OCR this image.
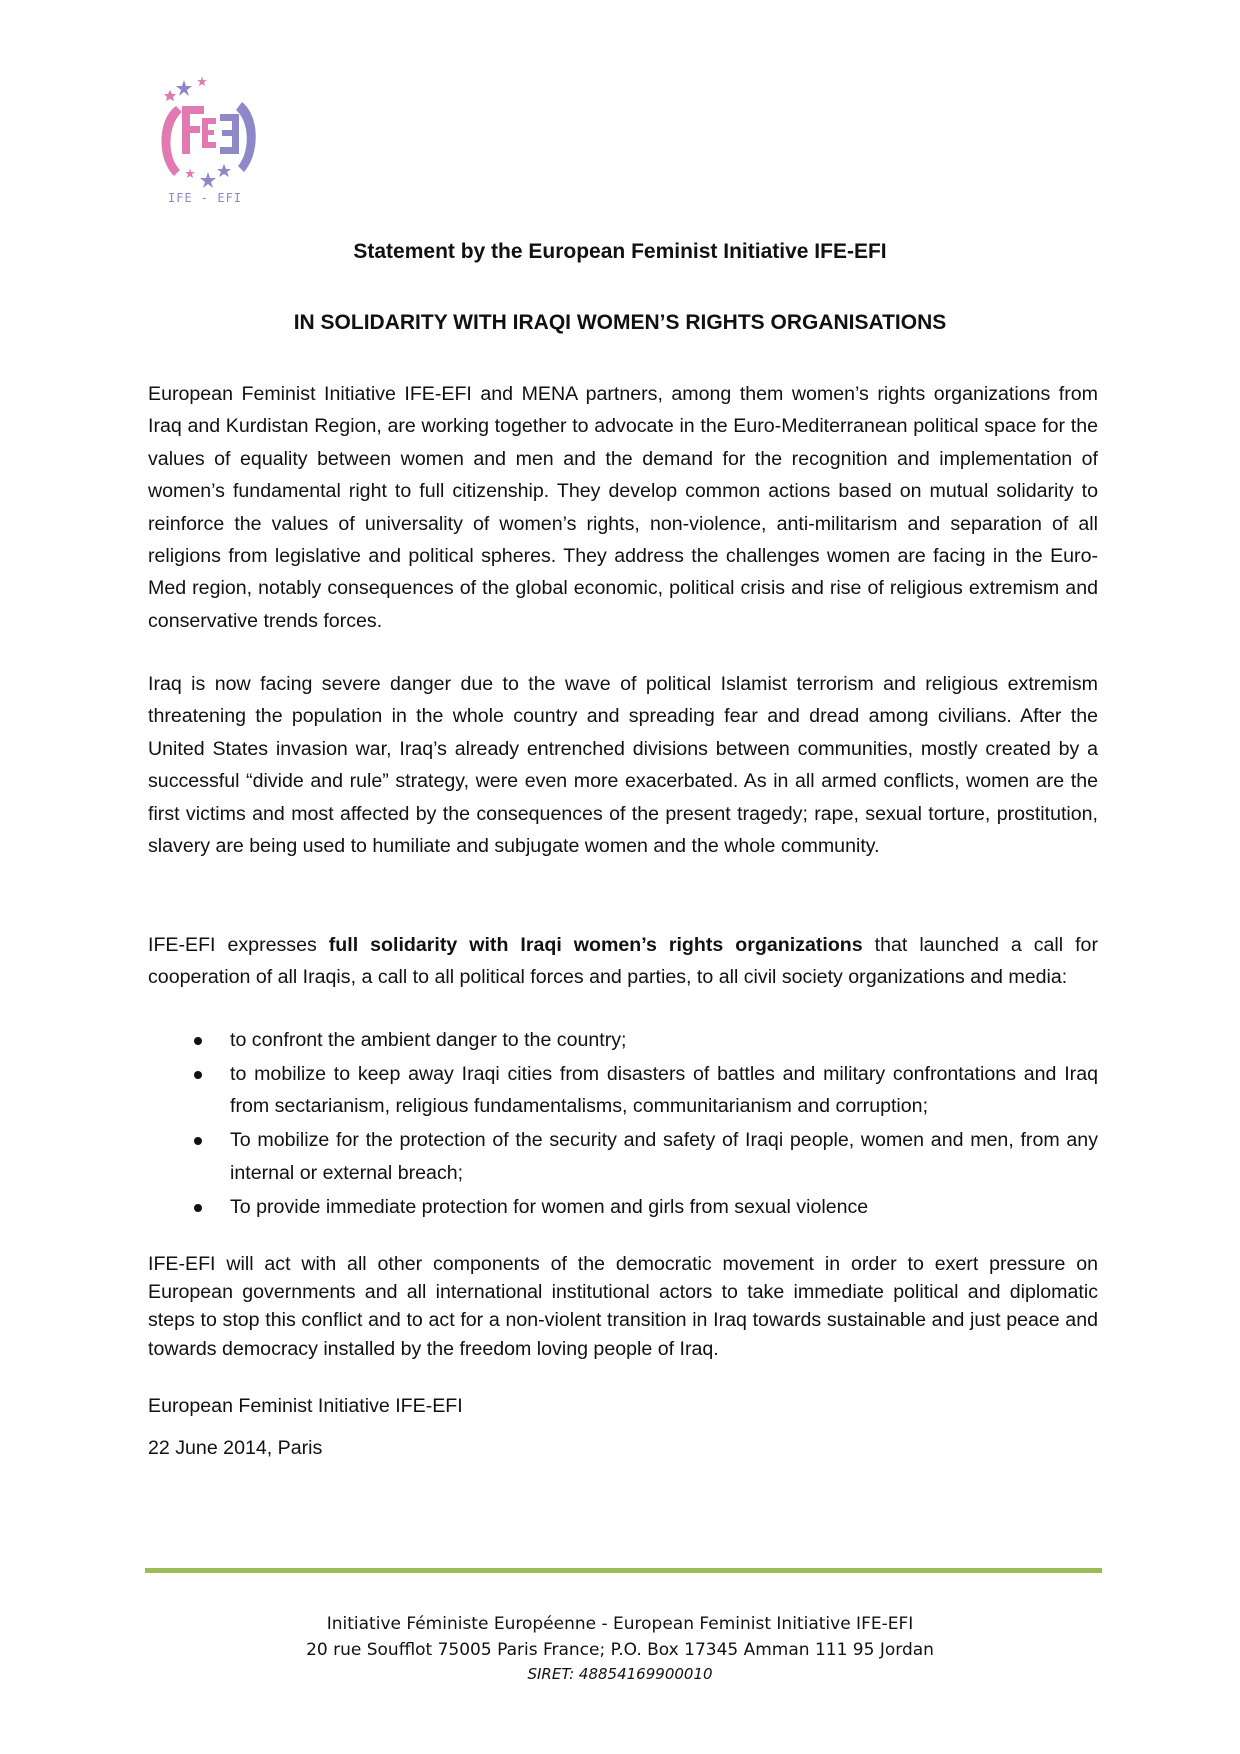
IFE - EFI
Statement by the European Feminist Initiative IFE-EFI
IN SOLIDARITY WITH IRAQI WOMEN’S RIGHTS ORGANISATIONS

European Feminist Initiative IFE-EFI and MENA partners, among them women’s rights organizations from Iraq and Kurdistan Region, are working together to advocate in the Euro-Mediterranean political space for the values of equality between women and men and the demand for the recognition and implementation of women’s fundamental right to full citizenship. They develop common actions based on mutual solidarity to reinforce the values of universality of women’s rights, non-violence, anti-militarism and separation of all religions from legislative and political spheres. They address the challenges women are facing in the Euro-Med region, notably consequences of the global economic, political crisis and rise of religious extremism and conservative trends forces.

Iraq is now facing severe danger due to the wave of political Islamist terrorism and religious extremism threatening the population in the whole country and spreading fear and dread among civilians. After the United States invasion war, Iraq’s already entrenched divisions between communities, mostly created by a successful “divide and rule” strategy, were even more exacerbated. As in all armed conflicts, women are the first victims and most affected by the consequences of the present tragedy; rape, sexual torture, prostitution, slavery are being used to humiliate and subjugate women and the whole community.

IFE-EFI expresses full solidarity with Iraqi women’s rights organizations that launched a call for cooperation of all Iraqis, a call to all political forces and parties, to all civil society organizations and media:

to confront the ambient danger to the country;
to mobilize to keep away Iraqi cities from disasters of battles and military confrontations and Iraq from sectarianism, religious fundamentalisms, communitarianism and corruption;
To mobilize for the protection of the security and safety of Iraqi people, women and men, from any internal or external breach;
To provide immediate protection for women and girls from sexual violence

IFE-EFI will act with all other components of the democratic movement in order to exert pressure on European governments and all international institutional actors to take immediate political and diplomatic steps to stop this conflict and to act for a non-violent transition in Iraq towards sustainable and just peace and towards democracy installed by the freedom loving people of Iraq.

European Feminist Initiative IFE-EFI
22 June 2014, Paris
Initiative Féministe Européenne - European Feminist Initiative IFE-EFI
20 rue Soufflot 75005 Paris France; P.O. Box 17345 Amman 111 95 Jordan
SIRET: 48854169900010
